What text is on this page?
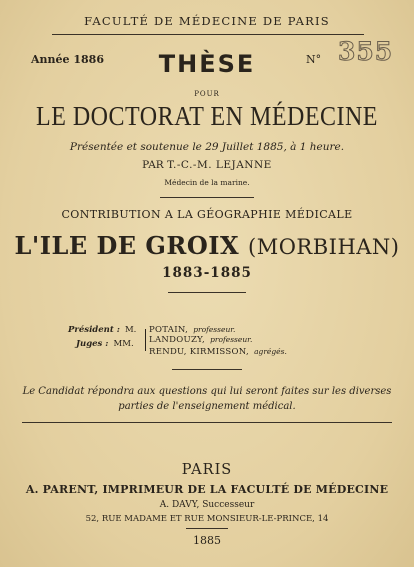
FACULTÉ DE MÉDECINE DE PARIS
Année 1886	N° 355
THÈSE
POUR
LE DOCTORAT EN MÉDECINE
Présentée et soutenue le 29 Juillet 1885, à 1 heure.
PAR T.-C.-M. LEJANNE
Médecin de la marine.
CONTRIBUTION A LA GÉOGRAPHIE MÉDICALE
L'ILE DE GROIX (MORBIHAN)
1883-1885
Président : M. POTAIN, professeur.
Juges : MM. LANDOUZY, professeur.
RENDU, KIRMISSON, agrégés.
Le Candidat répondra aux questions qui lui seront faites sur les diverses
parties de l'enseignement médical.
PARIS
A. PARENT, IMPRIMEUR DE LA FACULTÉ DE MÉDECINE
A. DAVY, Successeur
52, RUE MADAME ET RUE MONSIEUR-LE-PRINCE, 14
1885
